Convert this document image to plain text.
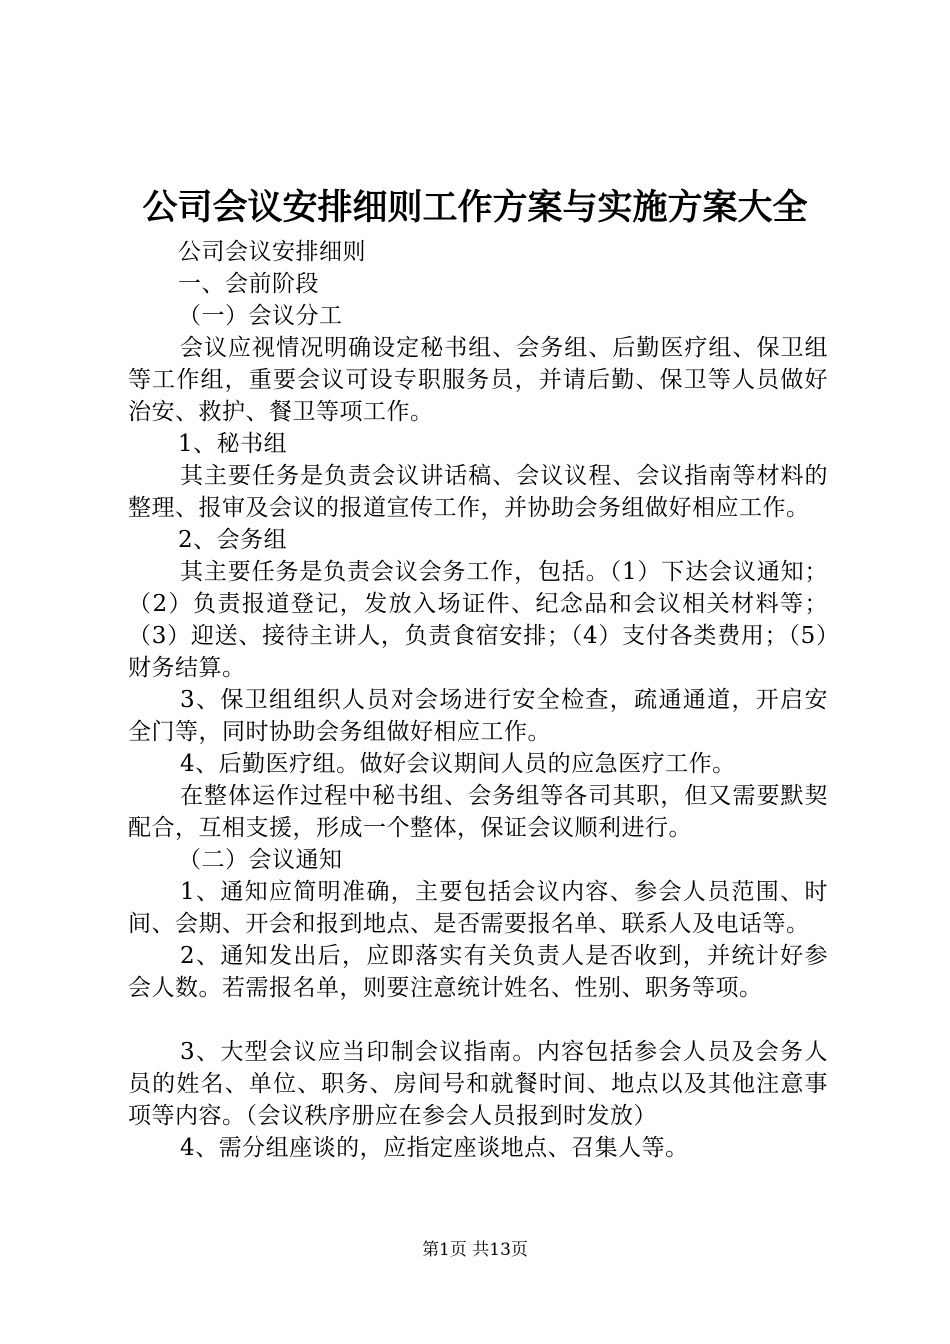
公司会议安排细则工作方案与实施方案大全

公司会议安排细则

一、会前阶段

（一）会议分工

会议应视情况明确设定秘书组、会务组、后勤医疗组、保卫组等工作组，重要会议可设专职服务员，并请后勤、保卫等人员做好治安、救护、餐卫等项工作。

1、秘书组

其主要任务是负责会议讲话稿、会议议程、会议指南等材料的整理、报审及会议的报道宣传工作，并协助会务组做好相应工作。

2、会务组

其主要任务是负责会议会务工作，包括。（1）下达会议通知；（2）负责报道登记，发放入场证件、纪念品和会议相关材料等；（3）迎送、接待主讲人，负责食宿安排；（4）支付各类费用；（5）财务结算。

3、保卫组组织人员对会场进行安全检查，疏通通道，开启安全门等，同时协助会务组做好相应工作。

4、后勤医疗组。做好会议期间人员的应急医疗工作。

在整体运作过程中秘书组、会务组等各司其职，但又需要默契配合，互相支援，形成一个整体，保证会议顺利进行。

（二）会议通知

1、通知应简明准确，主要包括会议内容、参会人员范围、时间、会期、开会和报到地点、是否需要报名单、联系人及电话等。

2、通知发出后，应即落实有关负责人是否收到，并统计好参会人数。若需报名单，则要注意统计姓名、性别、职务等项。

3、大型会议应当印制会议指南。内容包括参会人员及会务人员的姓名、单位、职务、房间号和就餐时间、地点以及其他注意事项等内容。（会议秩序册应在参会人员报到时发放）

4、需分组座谈的，应指定座谈地点、召集人等。

第1页 共13页
